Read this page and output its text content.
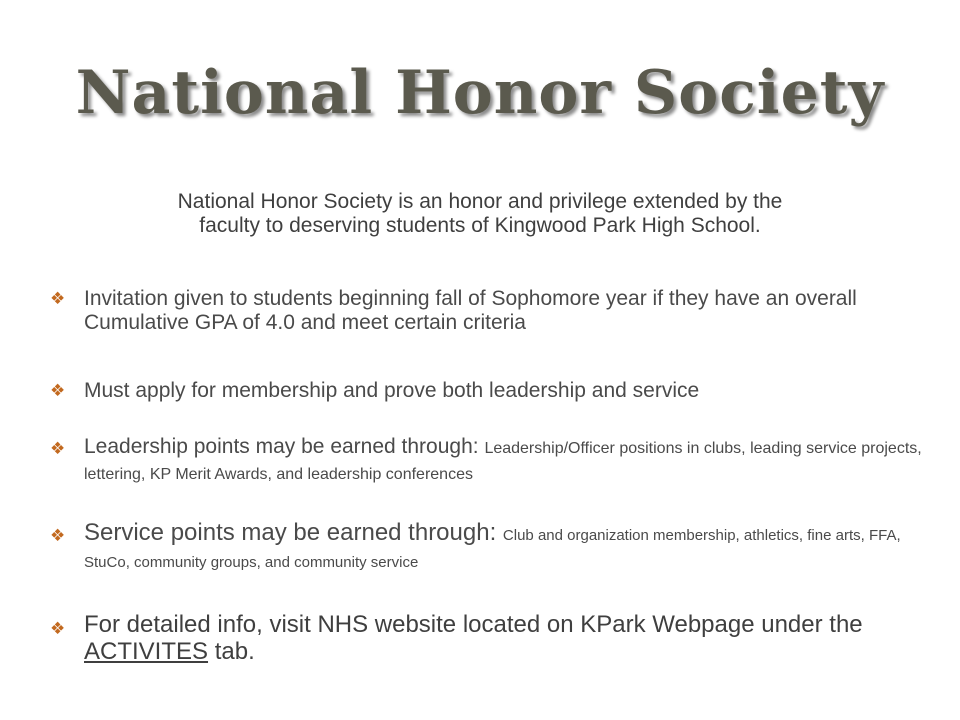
National Honor Society
National Honor Society is an honor and privilege extended by the
faculty to deserving students of Kingwood Park High School.
❖ Invitation given to students beginning fall of Sophomore year if they have an overall Cumulative GPA of 4.0 and meet certain criteria
❖ Must apply for membership and prove both leadership and service
❖ Leadership points may be earned through: Leadership/Officer positions in clubs, leading service projects, lettering, KP Merit Awards, and leadership conferences
❖ Service points may be earned through: Club and organization membership, athletics, fine arts, FFA, StuCo, community groups, and community service
❖ For detailed info, visit NHS website located on KPark Webpage under the ACTIVITES tab.
